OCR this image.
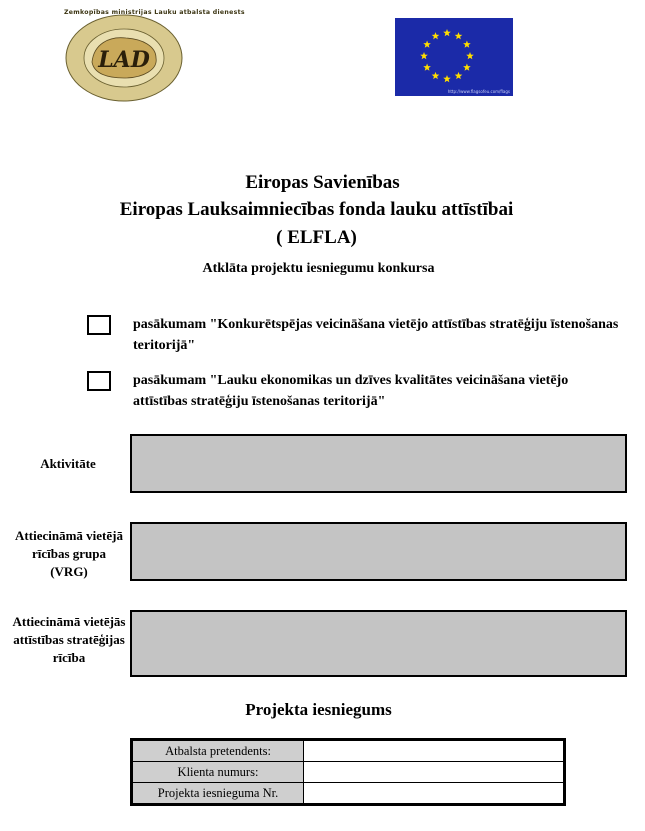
Zemkopības ministrijas Lauku atbalsta dienests
LAD
http://www.flagsofeu.com/flags
Eiropas Savienības
Eiropas Lauksaimniecības fonda lauku attīstībai
( ELFLA)
Atklāta projektu iesniegumu konkursa
pasākumam "Konkurētspējas veicināšana vietējo attīstības stratēģiju īstenošanas teritorijā"
pasākumam "Lauku ekonomikas un dzīves kvalitātes veicināšana vietējo attīstības stratēģiju īstenošanas teritorijā"
Aktivitāte
Attiecināmā vietējā rīcības grupa (VRG)
Attiecināmā vietējās attīstības stratēģijas rīcība
Projekta iesniegums
Atbalsta pretendents:	
Klienta numurs:	
Projekta iesnieguma Nr.	
